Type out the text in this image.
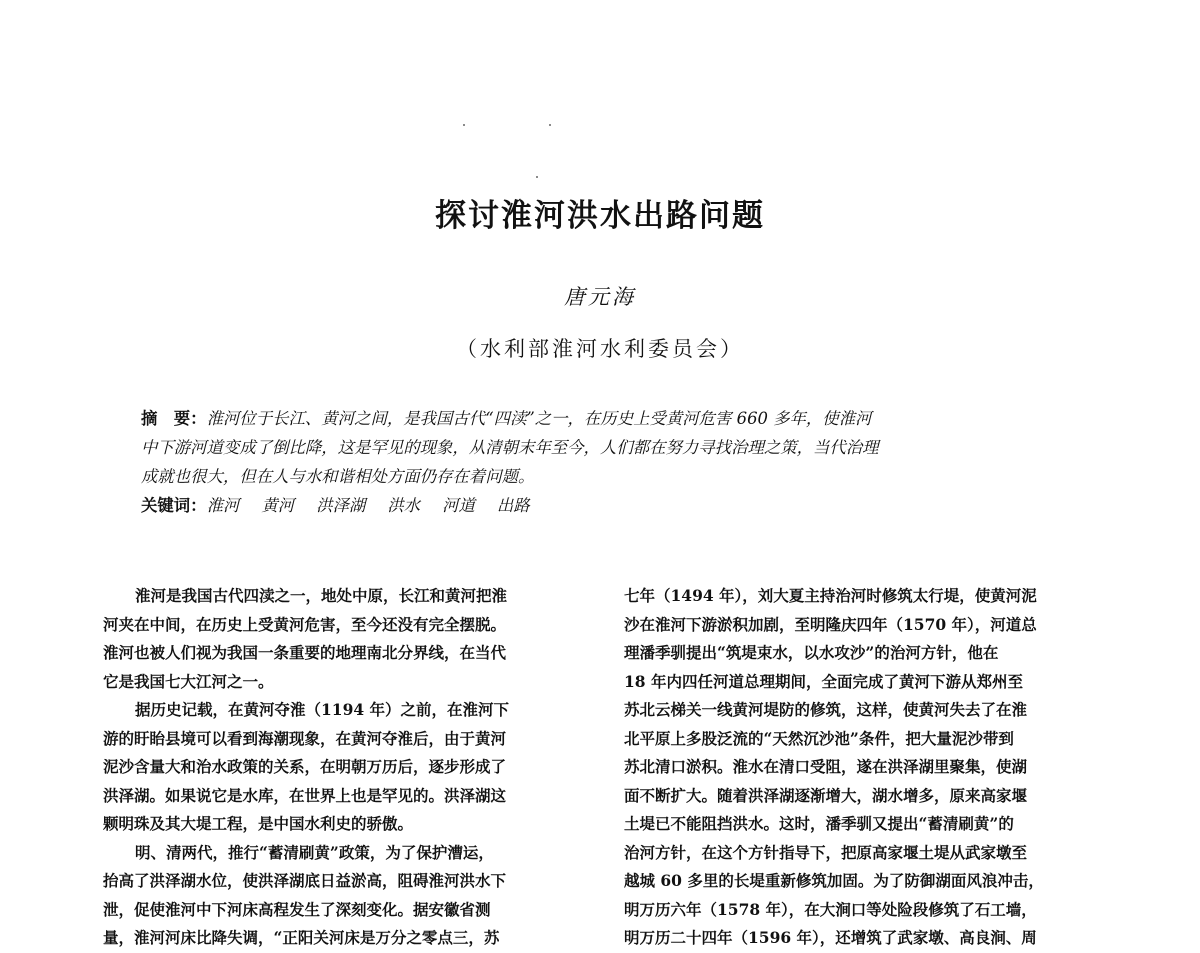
探讨淮河洪水出路问题
唐元海
（水利部淮河水利委员会）
摘　要：淮河位于长江、黄河之间，是我国古代“四渎”之一，在历史上受黄河危害 660 多年，使淮河
中下游河道变成了倒比降，这是罕见的现象，从清朝末年至今，人们都在努力寻找治理之策，当代治理
成就也很大，但在人与水和谐相处方面仍存在着问题。
关键词：淮河 黄河 洪泽湖 洪水 河道 出路
淮河是我国古代四渎之一，地处中原，长江和黄河把淮
河夹在中间，在历史上受黄河危害，至今还没有完全摆脱。
淮河也被人们视为我国一条重要的地理南北分界线，在当代
它是我国七大江河之一。
据历史记载，在黄河夺淮（1194 年）之前，在淮河下
游的盱眙县境可以看到海潮现象，在黄河夺淮后，由于黄河
泥沙含量大和治水政策的关系，在明朝万历后，逐步形成了
洪泽湖。如果说它是水库，在世界上也是罕见的。洪泽湖这
颗明珠及其大堤工程，是中国水利史的骄傲。
明、清两代，推行“蓄清刷黄”政策，为了保护漕运，
抬高了洪泽湖水位，使洪泽湖底日益淤高，阻碍淮河洪水下
泄，促使淮河中下河床高程发生了深刻变化。据安徽省测
量，淮河河床比降失调，“正阳关河床是万分之零点三，苏
七年（1494 年），刘大夏主持治河时修筑太行堤，使黄河泥
沙在淮河下游淤积加剧，至明隆庆四年（1570 年），河道总
理潘季驯提出“筑堤束水，以水攻沙”的治河方针，他在
18 年内四任河道总理期间，全面完成了黄河下游从郑州至
苏北云梯关一线黄河堤防的修筑，这样，使黄河失去了在淮
北平原上多股泛流的“天然沉沙池”条件，把大量泥沙带到
苏北清口淤积。淮水在清口受阻，遂在洪泽湖里聚集，使湖
面不断扩大。随着洪泽湖逐渐增大，湖水增多，原来高家堰
土堤已不能阻挡洪水。这时，潘季驯又提出“蓄清刷黄”的
治河方针，在这个方针指导下，把原高家堰土堤从武家墩至
越城 60 多里的长堤重新修筑加固。为了防御湖面风浪冲击，
明万历六年（1578 年），在大涧口等处险段修筑了石工墙，
明万历二十四年（1596 年），还增筑了武家墩、高良涧、周
